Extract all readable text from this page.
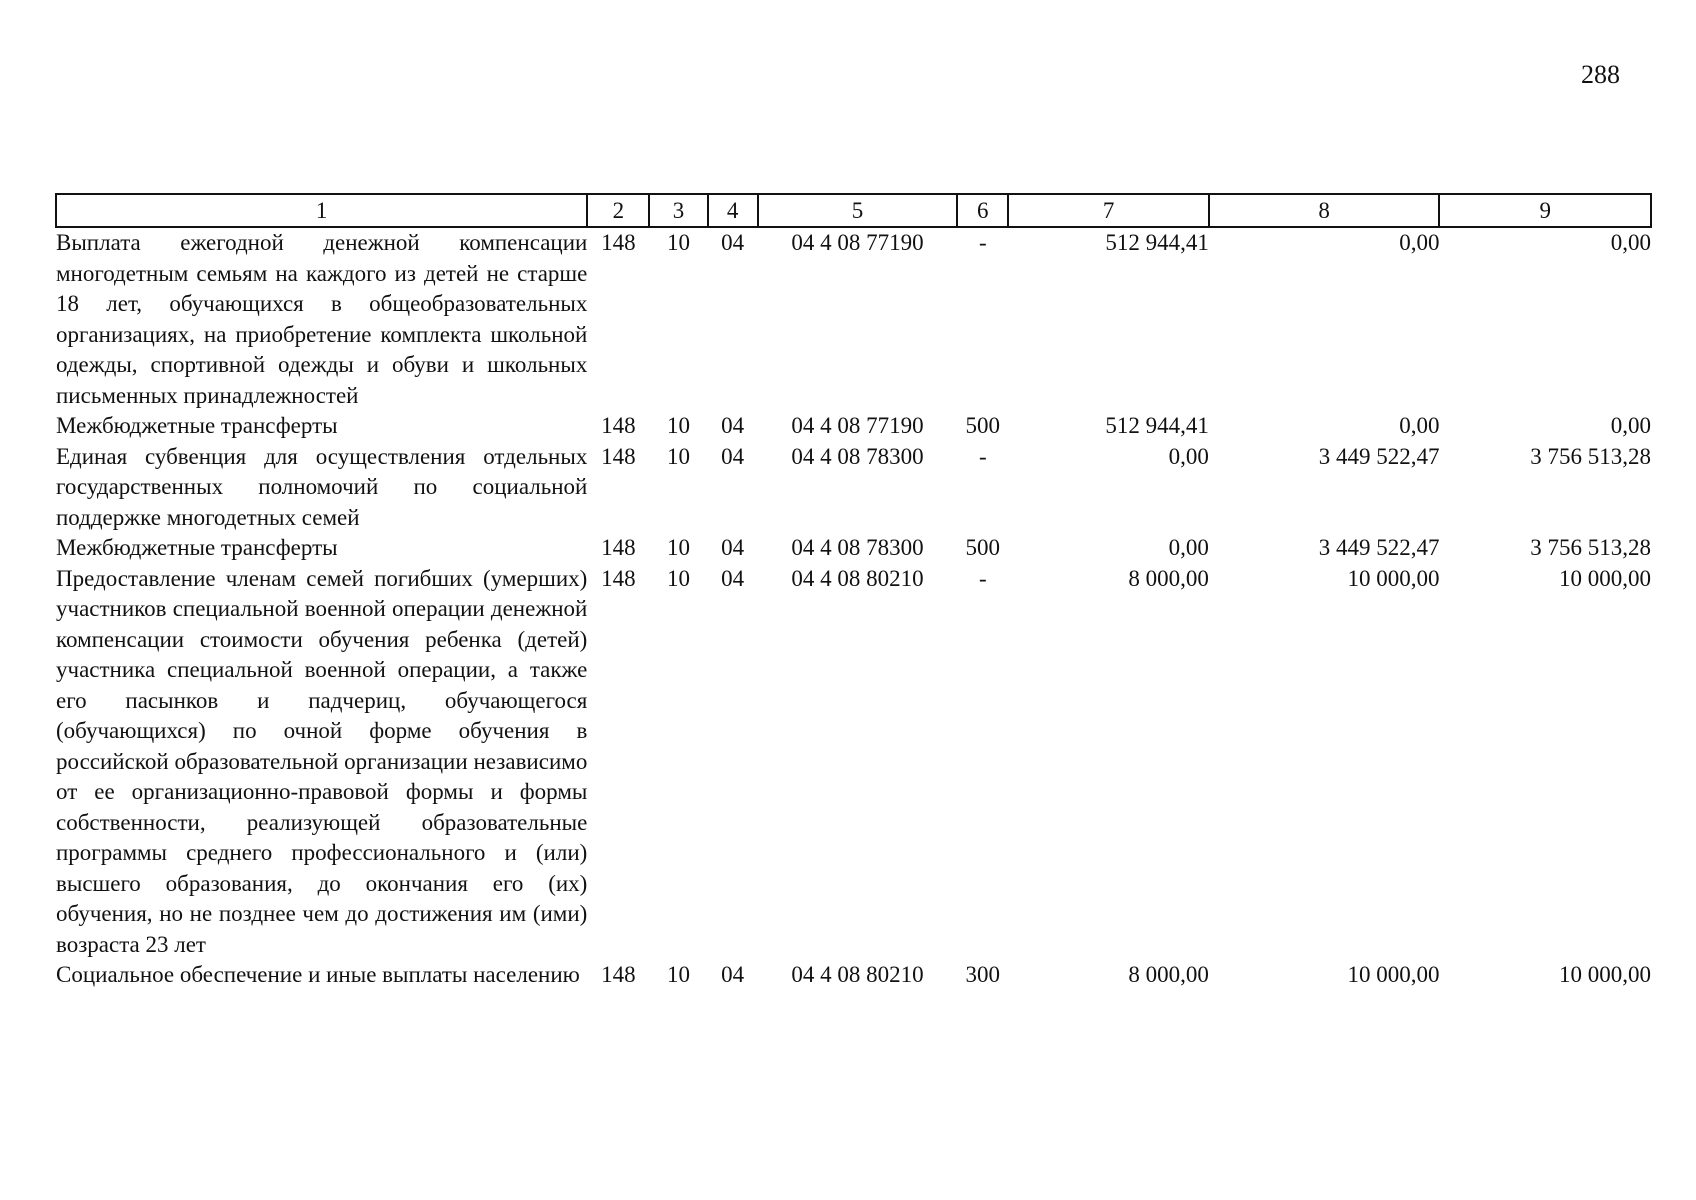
288
1	2	3	4	5	6	7	8	9
Выплата ежегодной денежной компенсации многодетным семьям на каждого из детей не старше 18 лет, обучающихся в общеобразовательных организациях, на приобретение комплекта школьной одежды, спортивной одежды и обуви и школьных письменных принадлежностей	148	10	04	04 4 08 77190	-	512 944,41	0,00	0,00
Межбюджетные трансферты	148	10	04	04 4 08 77190	500	512 944,41	0,00	0,00
Единая субвенция для осуществления отдельных государственных полномочий по социальной поддержке многодетных семей	148	10	04	04 4 08 78300	-	0,00	3 449 522,47	3 756 513,28
Межбюджетные трансферты	148	10	04	04 4 08 78300	500	0,00	3 449 522,47	3 756 513,28
Предоставление членам семей погибших (умерших) участников специальной военной операции денежной компенсации стоимости обучения ребенка (детей) участника специальной военной операции, а также его пасынков и падчериц, обучающегося (обучающихся) по очной форме обучения в российской образовательной организации независимо от ее организационно-правовой формы и формы собственности, реализующей образовательные программы среднего профессионального и (или) высшего образования, до окончания его (их) обучения, но не позднее чем до достижения им (ими) возраста 23 лет	148	10	04	04 4 08 80210	-	8 000,00	10 000,00	10 000,00
Социальное обеспечение и иные выплаты населению	148	10	04	04 4 08 80210	300	8 000,00	10 000,00	10 000,00
